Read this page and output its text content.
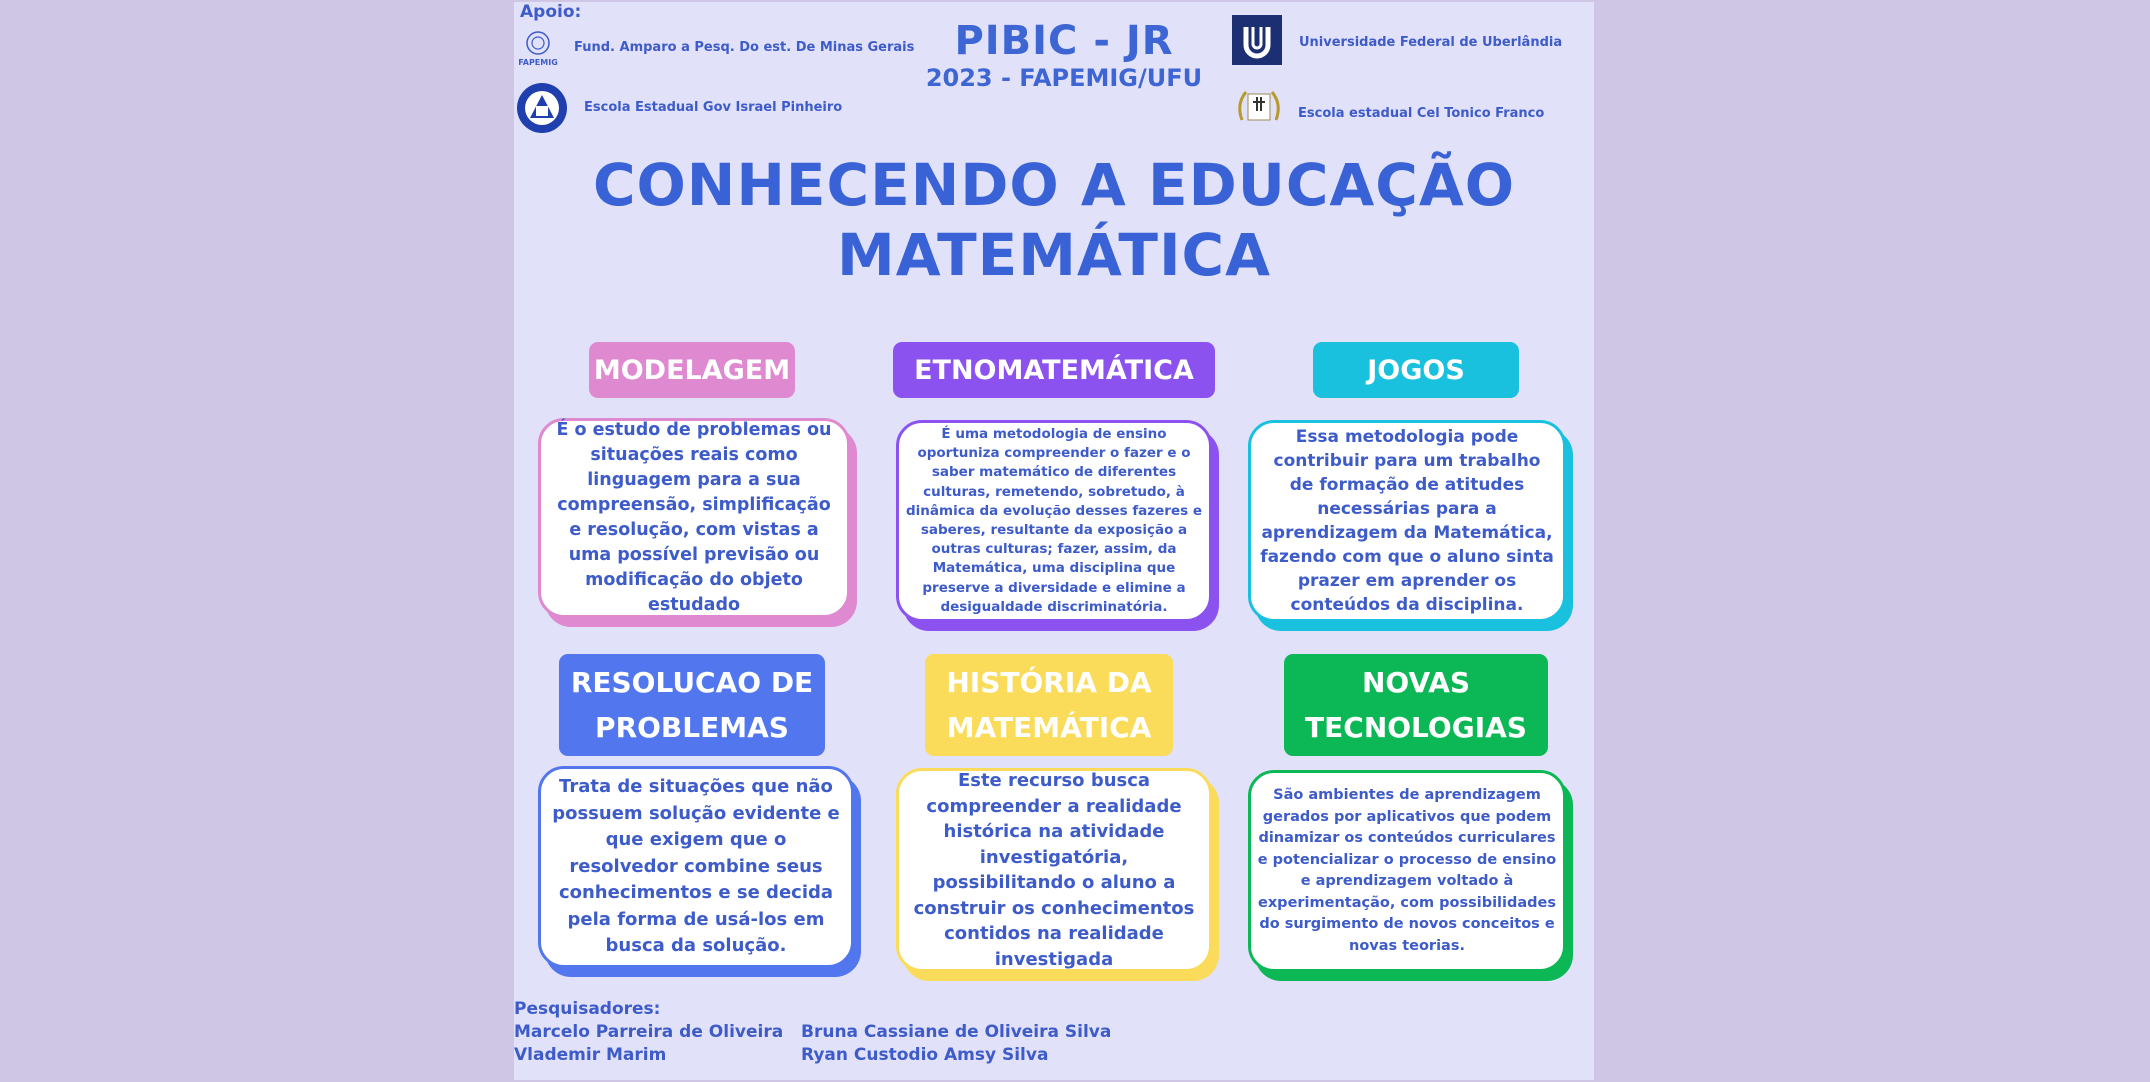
Apoio:
FAPEMIG
Fund. Amparo a Pesq. Do est. De Minas Gerais
Escola Estadual Gov Israel Pinheiro
PIBIC - JR
2023 - FAPEMIG/UFU
Universidade Federal de Uberlândia
Escola estadual Cel Tonico Franco
CONHECENDO A EDUCAÇÃO
MATEMÁTICA
MODELAGEM	ETNOMATEMÁTICA	JOGOS
É o estudo de problemas ou situações reais como linguagem para a sua compreensão, simplificação e resolução, com vistas a uma possível previsão ou modificação do objeto estudado
É uma metodologia de ensino oportuniza compreender o fazer e o saber matemático de diferentes culturas, remetendo, sobretudo, à dinâmica da evolução desses fazeres e saberes, resultante da exposição a outras culturas; fazer, assim, da Matemática, uma disciplina que preserve a diversidade e elimine a desigualdade discriminatória.
Essa metodologia pode contribuir para um trabalho de formação de atitudes necessárias para a aprendizagem da Matemática, fazendo com que o aluno sinta prazer em aprender os conteúdos da disciplina.
RESOLUCAO DE PROBLEMAS
HISTÓRIA DA MATEMÁTICA
NOVAS TECNOLOGIAS
Trata de situações que não possuem solução evidente e que exigem que o resolvedor combine seus conhecimentos e se decida pela forma de usá-los em busca da solução.
Este recurso busca compreender a realidade histórica na atividade investigatória, possibilitando o aluno a construir os conhecimentos contidos na realidade investigada
São ambientes de aprendizagem gerados por aplicativos que podem dinamizar os conteúdos curriculares e potencializar o processo de ensino e aprendizagem voltado à experimentação, com possibilidades do surgimento de novos conceitos e novas teorias.
Pesquisadores:
Marcelo Parreira de Oliveira Bruna Cassiane de Oliveira Silva
Vlademir Marim	Ryan Custodio Amsy Silva
